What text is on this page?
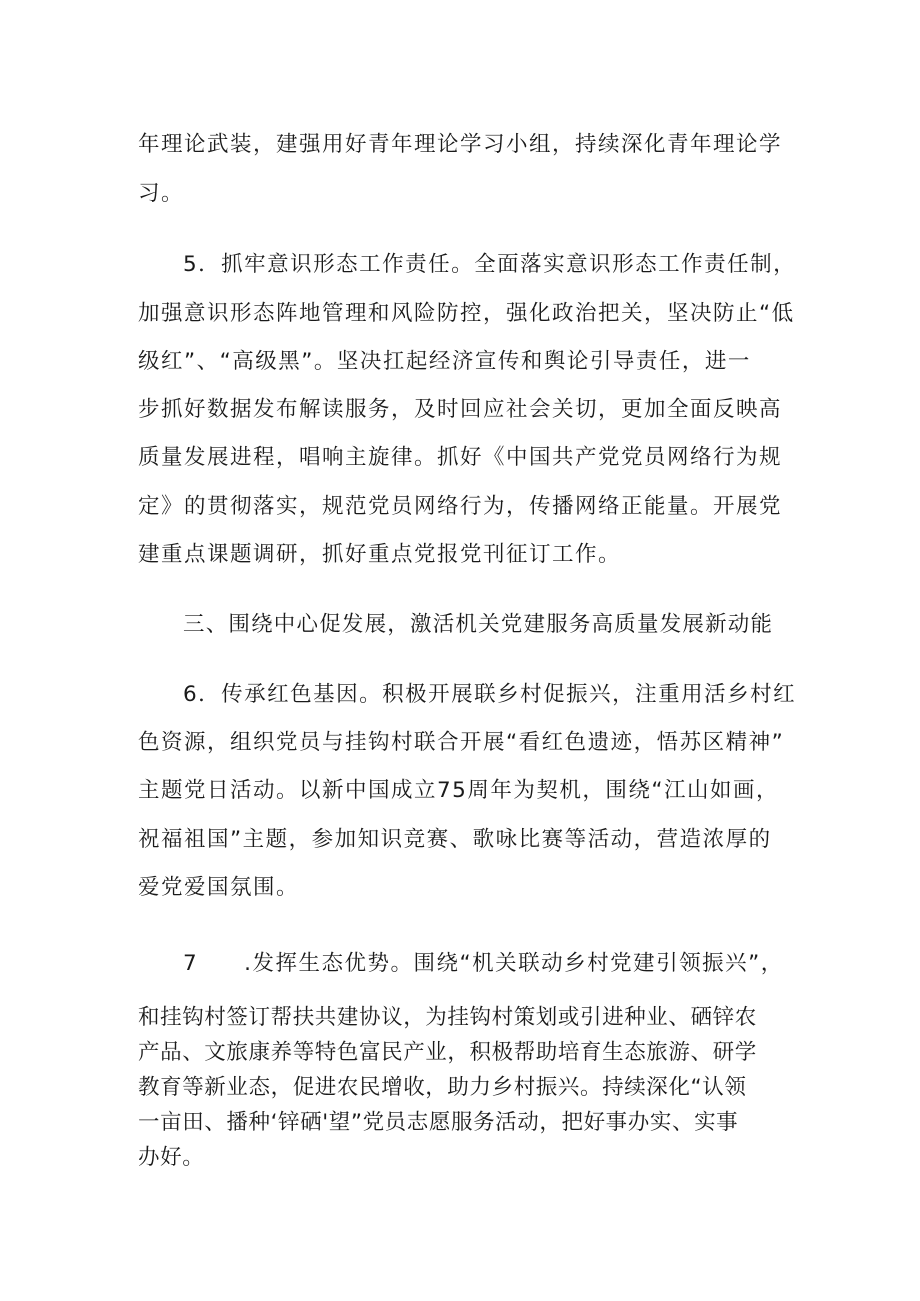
年理论武装，建强用好青年理论学习小组，持续深化青年理论学
习。
5．抓牢意识形态工作责任。全面落实意识形态工作责任制，
加强意识形态阵地管理和风险防控，强化政治把关，坚决防止“低
级红”、“高级黑”。坚决扛起经济宣传和舆论引导责任，进一
步抓好数据发布解读服务，及时回应社会关切，更加全面反映高
质量发展进程，唱响主旋律。抓好《中国共产党党员网络行为规
定》的贯彻落实，规范党员网络行为，传播网络正能量。开展党
建重点课题调研，抓好重点党报党刊征订工作。
三、围绕中心促发展，激活机关党建服务高质量发展新动能
6．传承红色基因。积极开展联乡村促振兴，注重用活乡村红
色资源，组织党员与挂钩村联合开展“看红色遗迹，悟苏区精神”
主题党日活动。以新中国成立75周年为契机，围绕“江山如画，
祝福祖国”主题，参加知识竞赛、歌咏比赛等活动，营造浓厚的
爱党爱国氛围。
7　　.发挥生态优势。围绕“机关联动乡村党建引领振兴”，
和挂钩村签订帮扶共建协议，为挂钩村策划或引进种业、硒锌农
产品、文旅康养等特色富民产业，积极帮助培育生态旅游、研学
教育等新业态，促进农民增收，助力乡村振兴。持续深化“认领
一亩田、播种‘锌硒'望”党员志愿服务活动，把好事办实、实事
办好。
